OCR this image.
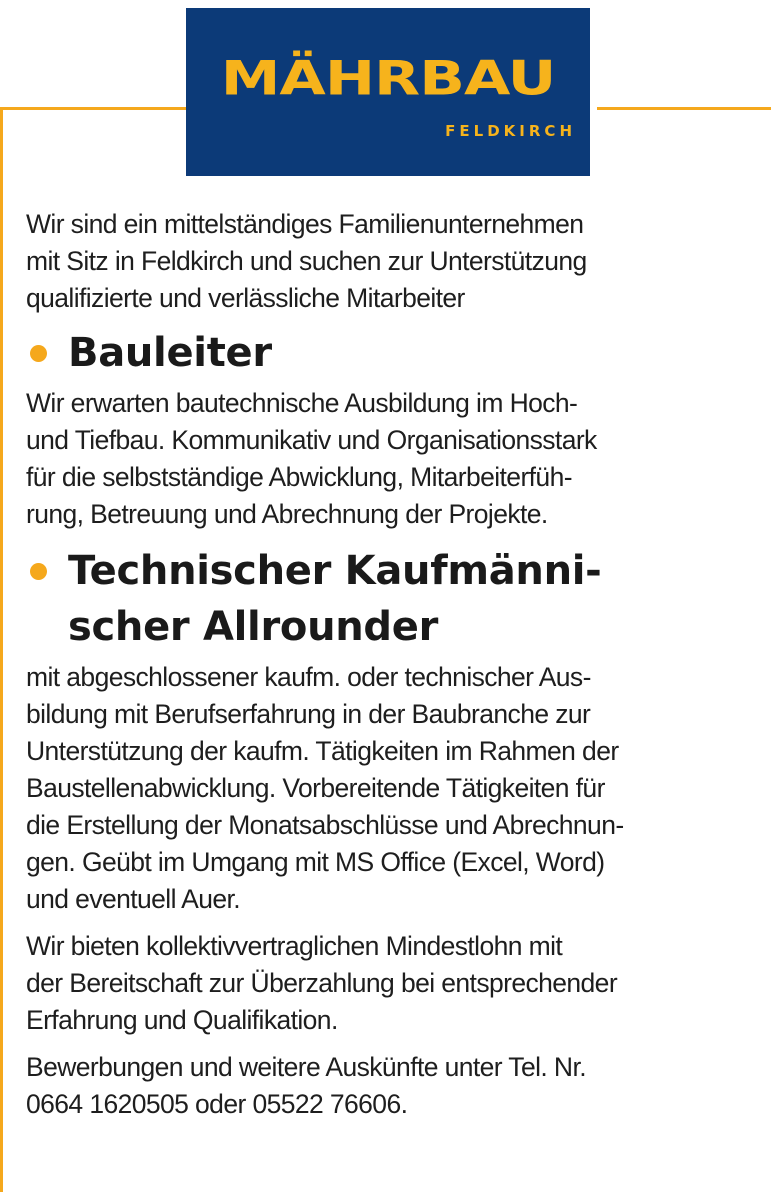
MÄHRBAU
FELDKIRCH
Wir sind ein mittelständiges Familienunternehmen
mit Sitz in Feldkirch und suchen zur Unterstützung
qualifizierte und verlässliche Mitarbeiter
Bauleiter
Wir erwarten bautechnische Ausbildung im Hoch-
und Tiefbau. Kommunikativ und Organisationsstark
für die selbstständige Abwicklung, Mitarbeiterfüh-
rung, Betreuung und Abrechnung der Projekte.
Technischer Kaufmänni-
scher Allrounder
mit abgeschlossener kaufm. oder technischer Aus-
bildung mit Berufserfahrung in der Baubranche zur
Unterstützung der kaufm. Tätigkeiten im Rahmen der
Baustellenabwicklung. Vorbereitende Tätigkeiten für
die Erstellung der Monatsabschlüsse und Abrechnun-
gen. Geübt im Umgang mit MS Office (Excel, Word)
und eventuell Auer.
Wir bieten kollektivvertraglichen Mindestlohn mit
der Bereitschaft zur Überzahlung bei entsprechender
Erfahrung und Qualifikation.
Bewerbungen und weitere Auskünfte unter Tel. Nr.
0664 1620505 oder 05522 76606.
